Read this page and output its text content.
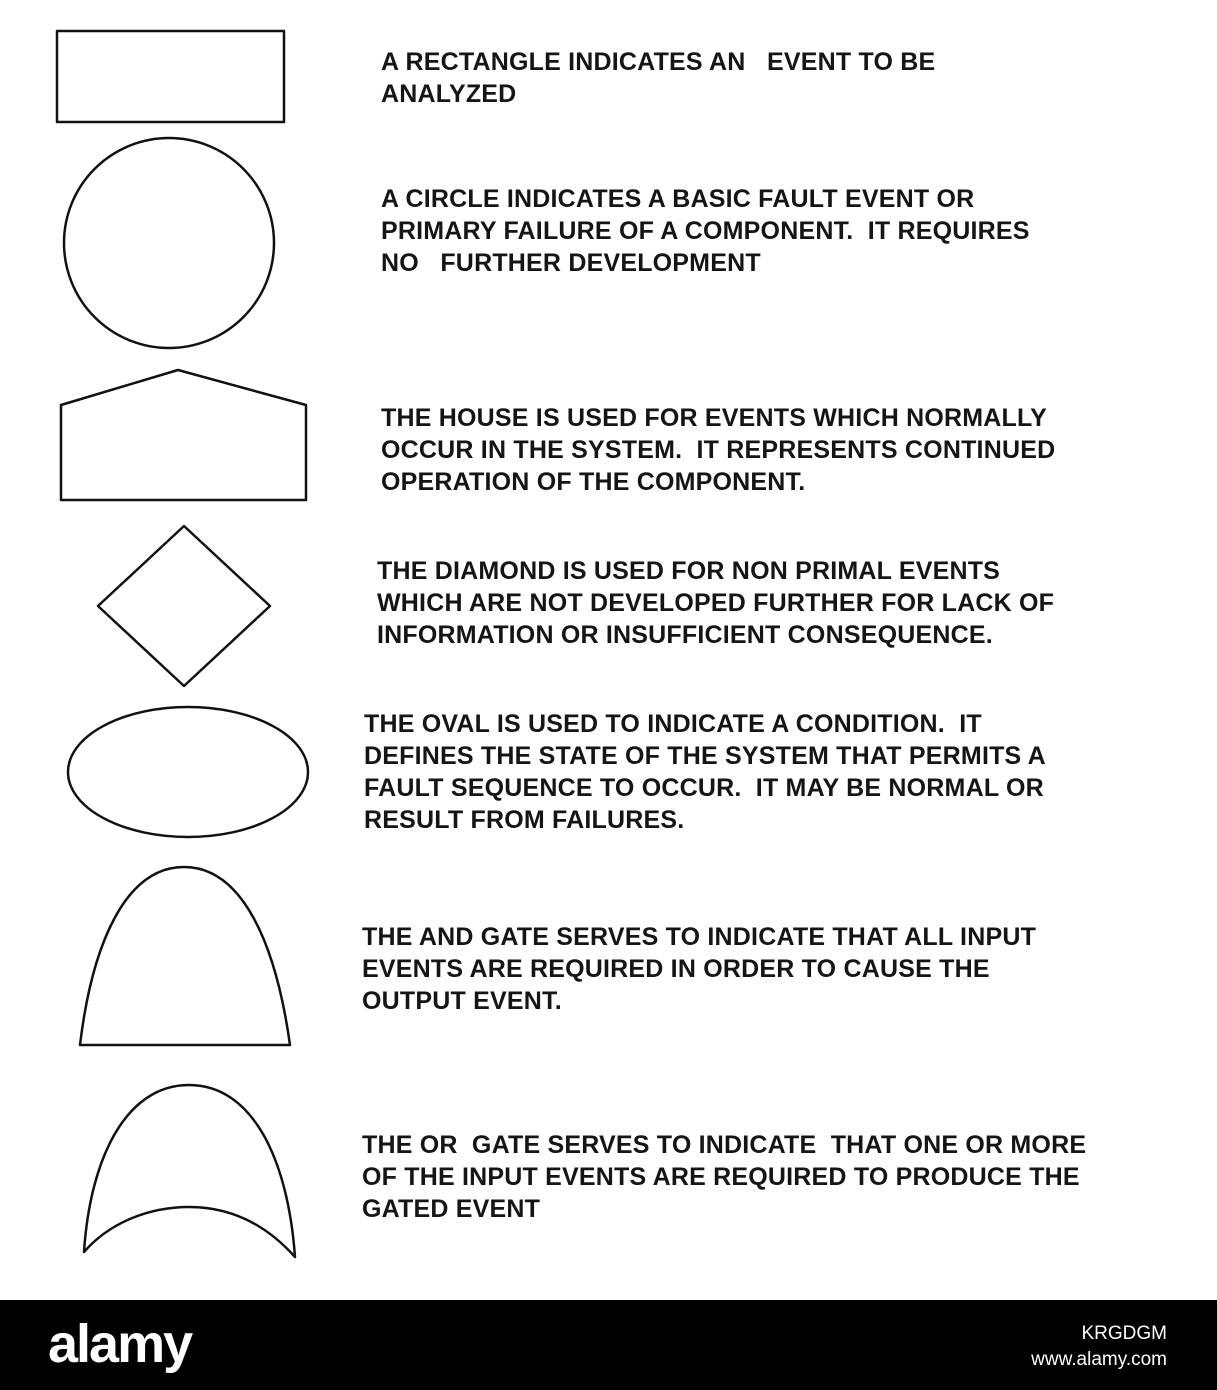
A RECTANGLE INDICATES AN   EVENT TO BE
ANALYZED

A CIRCLE INDICATES A BASIC FAULT EVENT OR
PRIMARY FAILURE OF A COMPONENT.  IT REQUIRES
NO   FURTHER DEVELOPMENT

THE HOUSE IS USED FOR EVENTS WHICH NORMALLY
OCCUR IN THE SYSTEM.  IT REPRESENTS CONTINUED
OPERATION OF THE COMPONENT.

THE DIAMOND IS USED FOR NON PRIMAL EVENTS
WHICH ARE NOT DEVELOPED FURTHER FOR LACK OF
INFORMATION OR INSUFFICIENT CONSEQUENCE.

THE OVAL IS USED TO INDICATE A CONDITION.  IT
DEFINES THE STATE OF THE SYSTEM THAT PERMITS A
FAULT SEQUENCE TO OCCUR.  IT MAY BE NORMAL OR
RESULT FROM FAILURES.

THE AND GATE SERVES TO INDICATE THAT ALL INPUT
EVENTS ARE REQUIRED IN ORDER TO CAUSE THE
OUTPUT EVENT.

THE OR  GATE SERVES TO INDICATE  THAT ONE OR MORE
OF THE INPUT EVENTS ARE REQUIRED TO PRODUCE THE
GATED EVENT

alamy	KRGDGM
www.alamy.com
